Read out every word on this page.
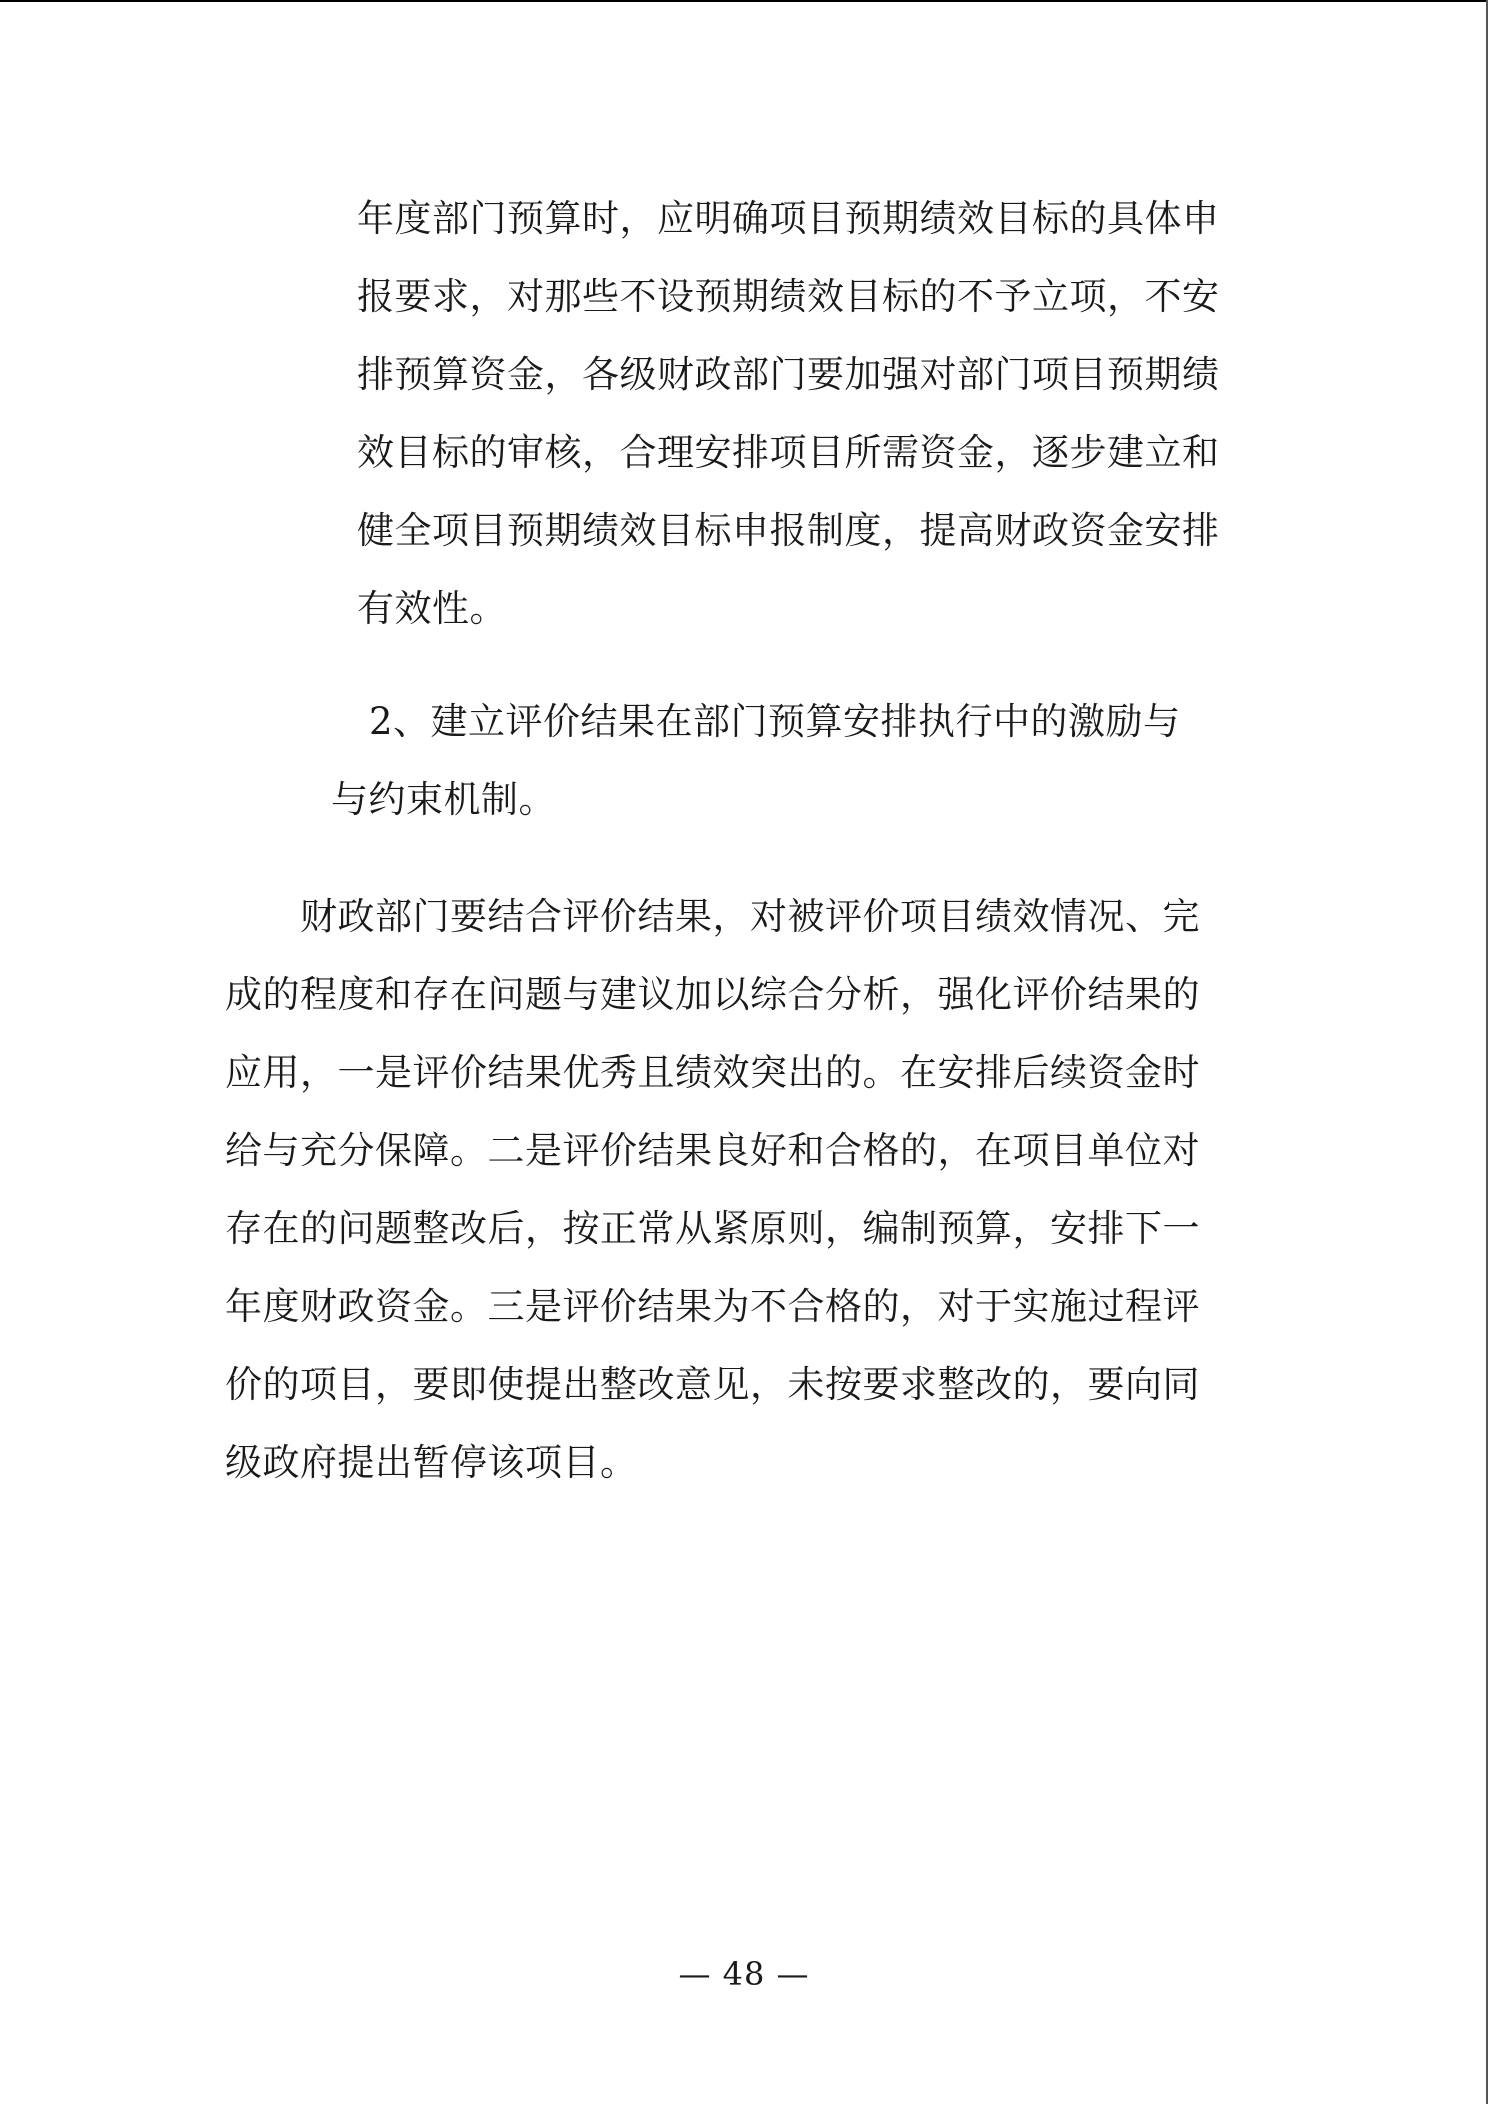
年度部门预算时，应明确项目预期绩效目标的具体申
报要求，对那些不设预期绩效目标的不予立项，不安
排预算资金，各级财政部门要加强对部门项目预期绩
效目标的审核，合理安排项目所需资金，逐步建立和
健全项目预期绩效目标申报制度，提高财政资金安排
有效性。
2、建立评价结果在部门预算安排执行中的激励与
与约束机制。
财政部门要结合评价结果，对被评价项目绩效情况、完
成的程度和存在问题与建议加以综合分析，强化评价结果的
应用，一是评价结果优秀且绩效突出的。在安排后续资金时
给与充分保障。二是评价结果良好和合格的，在项目单位对
存在的问题整改后，按正常从紧原则，编制预算，安排下一
年度财政资金。三是评价结果为不合格的，对于实施过程评
价的项目，要即使提出整改意见，未按要求整改的，要向同
级政府提出暂停该项目。
— 48 —
